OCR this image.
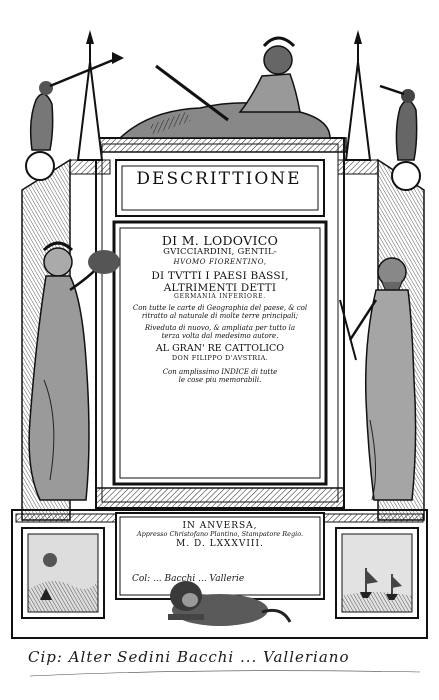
DESCRITTIONE
DI M. LODOVICO
GVICCIARDINI, GENTIL-
HVOMO FIORENTINO,
DI TVTTI I PAESI BASSI,
ALTRIMENTI DETTI
GERMANIA INFERIORE.
Con tutte le carte di Geographia del paese, & col
ritratto al naturale di molte terre principali;
Riveduta di nuovo, & ampliata per tutto la
terza volta dal medesimo autore.
AL GRAN' RE CATTOLICO
DON FILIPPO D'AVSTRIA.
Con amplissimo INDICE di tutte
le cose piu memorabili.
IN ANVERSA,
Appresso Christofano Plantino, Stampatore Regio.
M. D. LXXXVIII.
Col: ... Bacchi ... Vallerie
Cip: Alter Sedini Bacchi ... Valleriano
